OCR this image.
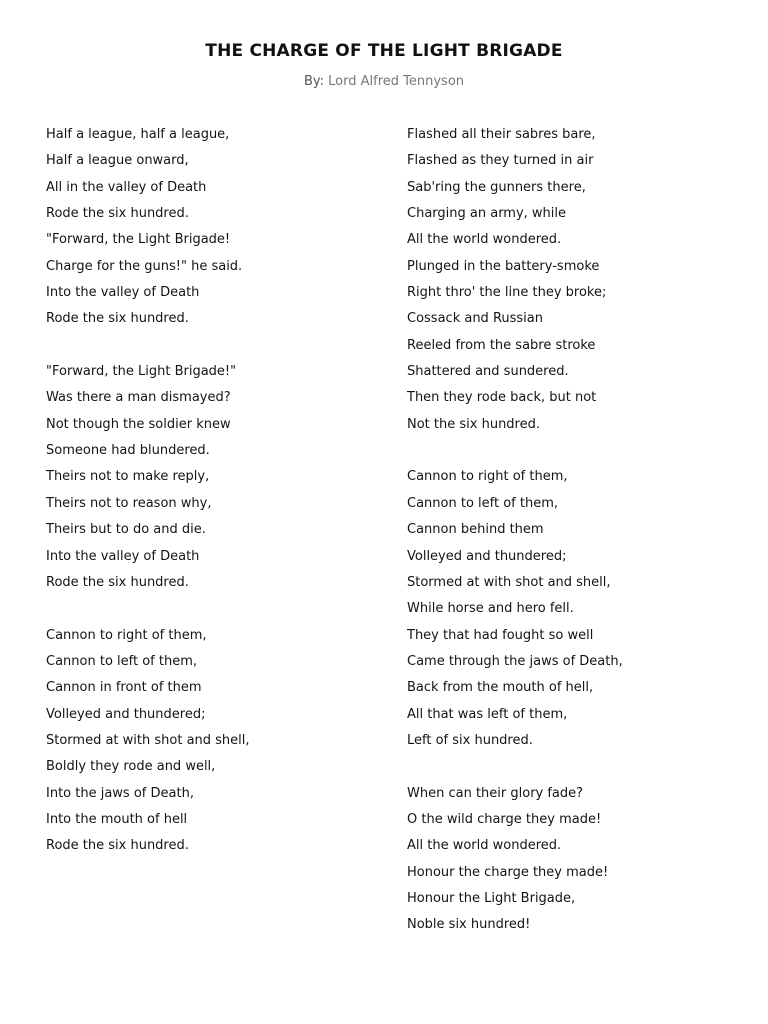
THE CHARGE OF THE LIGHT BRIGADE
By: Lord Alfred Tennyson
Half a league, half a league,
Half a league onward,
All in the valley of Death
Rode the six hundred.
"Forward, the Light Brigade!
Charge for the guns!" he said.
Into the valley of Death
Rode the six hundred.
"Forward, the Light Brigade!"
Was there a man dismayed?
Not though the soldier knew
Someone had blundered.
Theirs not to make reply,
Theirs not to reason why,
Theirs but to do and die.
Into the valley of Death
Rode the six hundred.
Cannon to right of them,
Cannon to left of them,
Cannon in front of them
Volleyed and thundered;
Stormed at with shot and shell,
Boldly they rode and well,
Into the jaws of Death,
Into the mouth of hell
Rode the six hundred.
Flashed all their sabres bare,
Flashed as they turned in air
Sab'ring the gunners there,
Charging an army, while
All the world wondered.
Plunged in the battery-smoke
Right thro' the line they broke;
Cossack and Russian
Reeled from the sabre stroke
Shattered and sundered.
Then they rode back, but not
Not the six hundred.
Cannon to right of them,
Cannon to left of them,
Cannon behind them
Volleyed and thundered;
Stormed at with shot and shell,
While horse and hero fell.
They that had fought so well
Came through the jaws of Death,
Back from the mouth of hell,
All that was left of them,
Left of six hundred.
When can their glory fade?
O the wild charge they made!
All the world wondered.
Honour the charge they made!
Honour the Light Brigade,
Noble six hundred!
